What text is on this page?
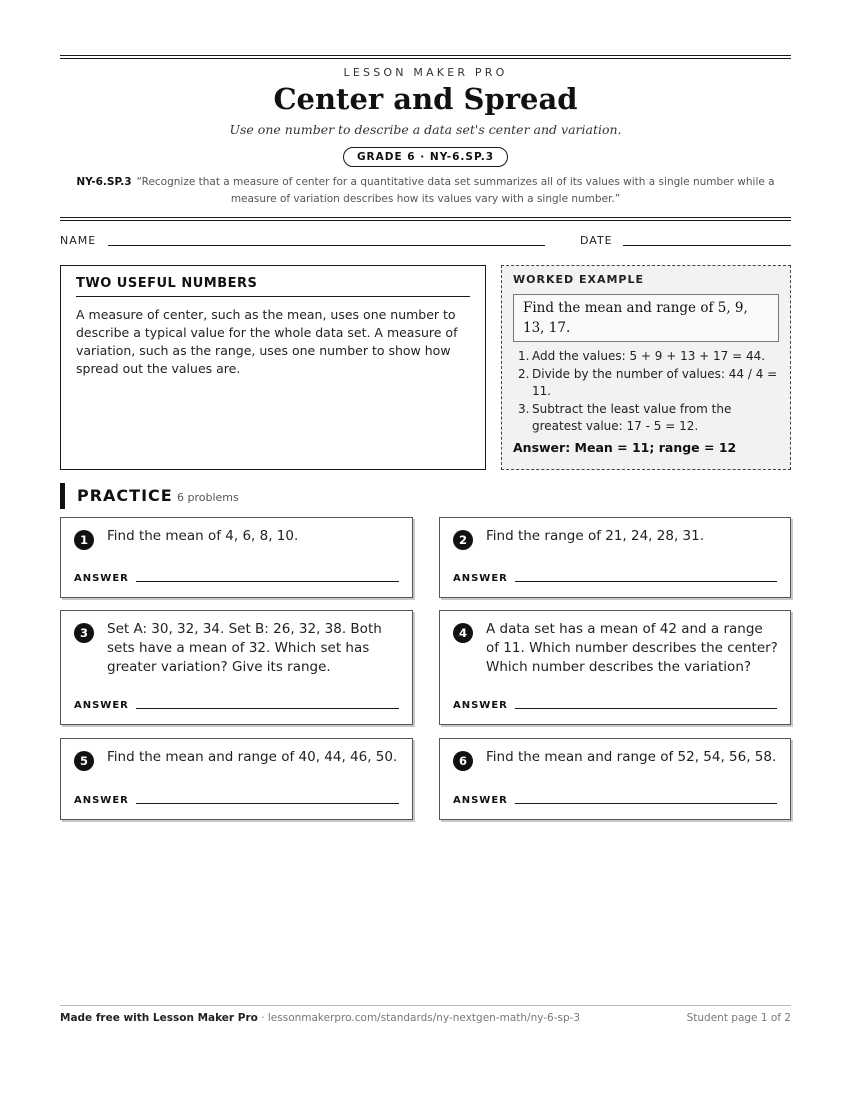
LESSON MAKER PRO
Center and Spread
Use one number to describe a data set's center and variation.
GRADE 6 · NY-6.SP.3
NY-6.SP.3 “Recognize that a measure of center for a quantitative data set summarizes all of its values with a single number while a measure of variation describes how its values vary with a single number.”
NAME	DATE
TWO USEFUL NUMBERS

A measure of center, such as the mean, uses one number to describe a typical value for the whole data set. A measure of variation, such as the range, uses one number to show how spread out the values are.

WORKED EXAMPLE
Find the mean and range of 5, 9, 13, 17.
1. Add the values: 5 + 9 + 13 + 17 = 44.
2. Divide by the number of values: 44 / 4 = 11.
3. Subtract the least value from the greatest value: 17 - 5 = 12.
Answer: Mean = 11; range = 12
PRACTICE 6 problems
1	Find the mean of 4, 6, 8, 10.
ANSWER
2	Find the range of 21, 24, 28, 31.
ANSWER
3	Set A: 30, 32, 34. Set B: 26, 32, 38. Both sets have a mean of 32. Which set has greater variation? Give its range.
ANSWER
4	A data set has a mean of 42 and a range of 11. Which number describes the center? Which number describes the variation?
ANSWER
5	Find the mean and range of 40, 44, 46, 50.
ANSWER
6	Find the mean and range of 52, 54, 56, 58.
ANSWER
Made free with Lesson Maker Pro · lessonmakerpro.com/standards/ny-nextgen-math/ny-6-sp-3	Student page 1 of 2
